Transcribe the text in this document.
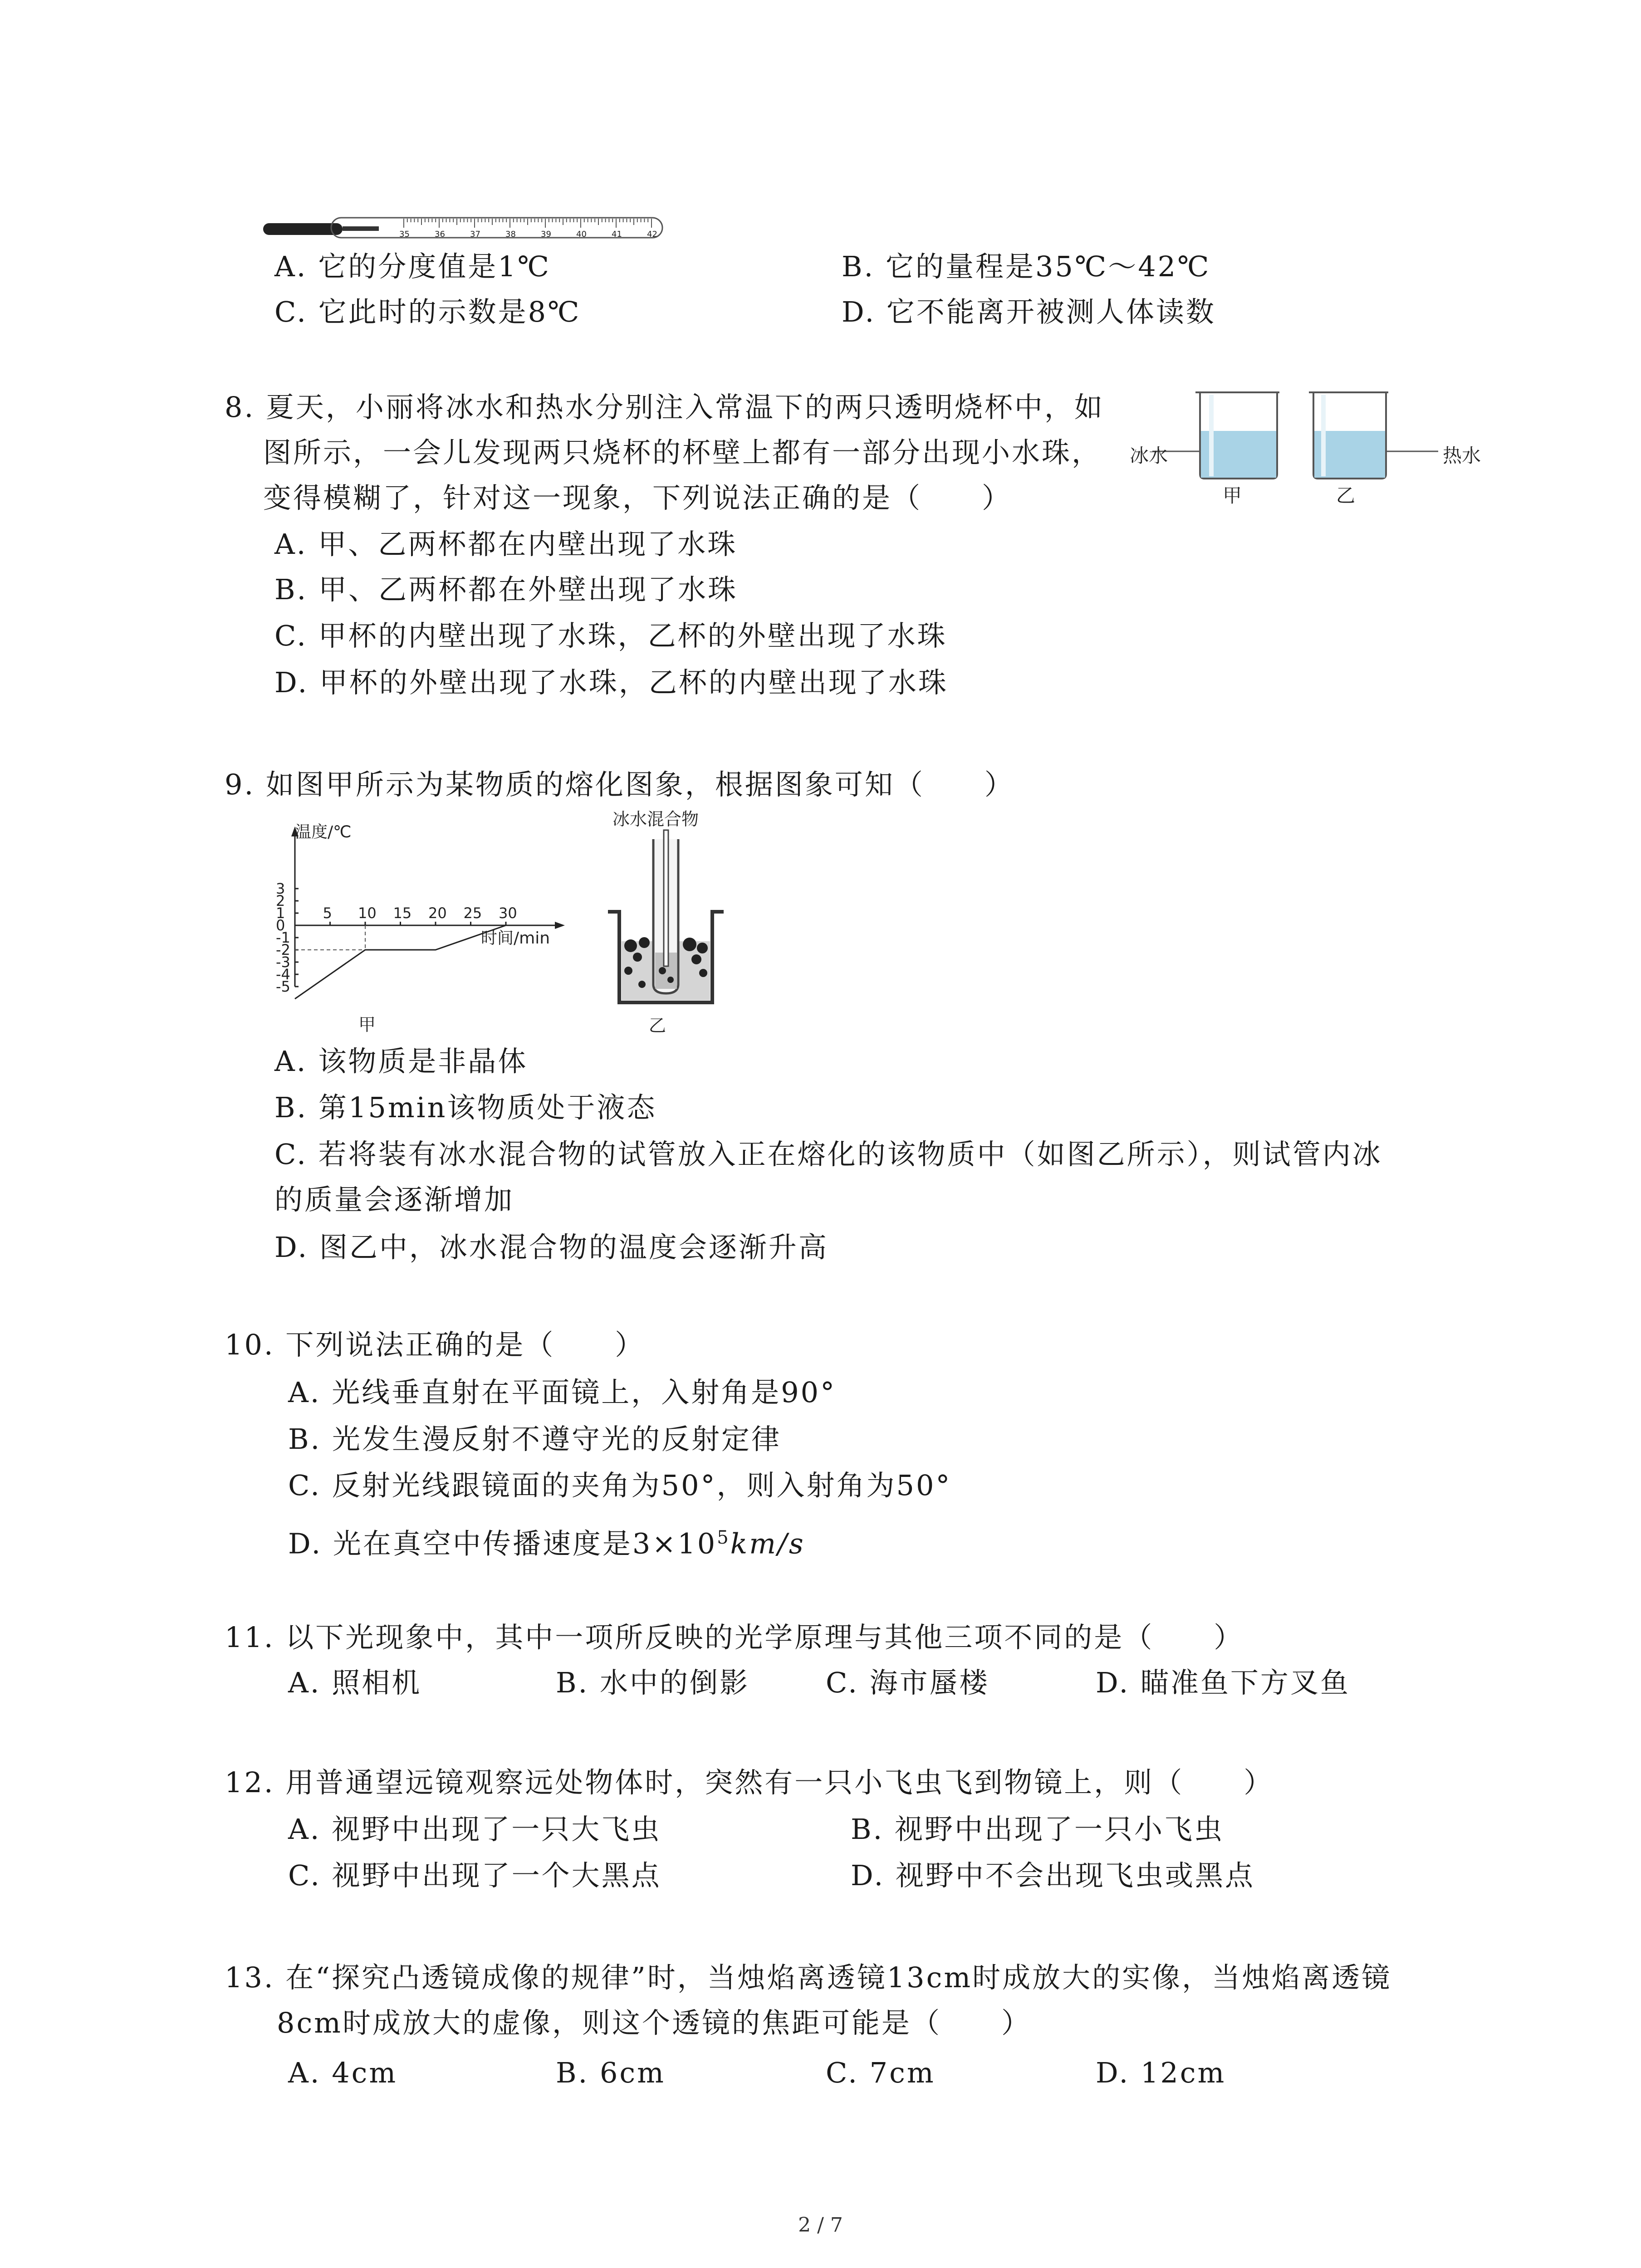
35	36	37	38	39	40	41	42
A. 它的分度值是1℃	B. 它的量程是35℃～42℃
C. 它此时的示数是8℃	D. 它不能离开被测人体读数
8. 夏天，小丽将冰水和热水分别注入常温下的两只透明烧杯中，如
图所示，一会儿发现两只烧杯的杯壁上都有一部分出现小水珠，
变得模糊了，针对这一现象，下列说法正确的是（　　）
冰水	热水
甲	乙
A. 甲、乙两杯都在内壁出现了水珠
B. 甲、乙两杯都在外壁出现了水珠
C. 甲杯的内壁出现了水珠，乙杯的外壁出现了水珠
D. 甲杯的外壁出现了水珠，乙杯的内壁出现了水珠
9. 如图甲所示为某物质的熔化图象，根据图象可知（　　）
3
2
1
0
-1
-2
-3
-4
-5
5 10 15 20 25 30
温度/℃
时间/min
甲
冰水混合物
乙
A. 该物质是非晶体
B. 第15min该物质处于液态
C. 若将装有冰水混合物的试管放入正在熔化的该物质中（如图乙所示），则试管内冰
的质量会逐渐增加
D. 图乙中，冰水混合物的温度会逐渐升高
10. 下列说法正确的是（　　）
A. 光线垂直射在平面镜上，入射角是90°
B. 光发生漫反射不遵守光的反射定律
C. 反射光线跟镜面的夹角为50°，则入射角为50°
D. 光在真空中传播速度是$3\times 10^5km/s$
11. 以下光现象中，其中一项所反映的光学原理与其他三项不同的是（　　）
A. 照相机	B. 水中的倒影	C. 海市蜃楼	D. 瞄准鱼下方叉鱼
12. 用普通望远镜观察远处物体时，突然有一只小飞虫飞到物镜上，则（　　）
A. 视野中出现了一只大飞虫	B. 视野中出现了一只小飞虫
C. 视野中出现了一个大黑点	D. 视野中不会出现飞虫或黑点
13. 在“探究凸透镜成像的规律”时，当烛焰离透镜13cm时成放大的实像，当烛焰离透镜
8cm时成放大的虚像，则这个透镜的焦距可能是（　　）
A. 4cm	B. 6cm	C. 7cm	D. 12cm
2 / 7
